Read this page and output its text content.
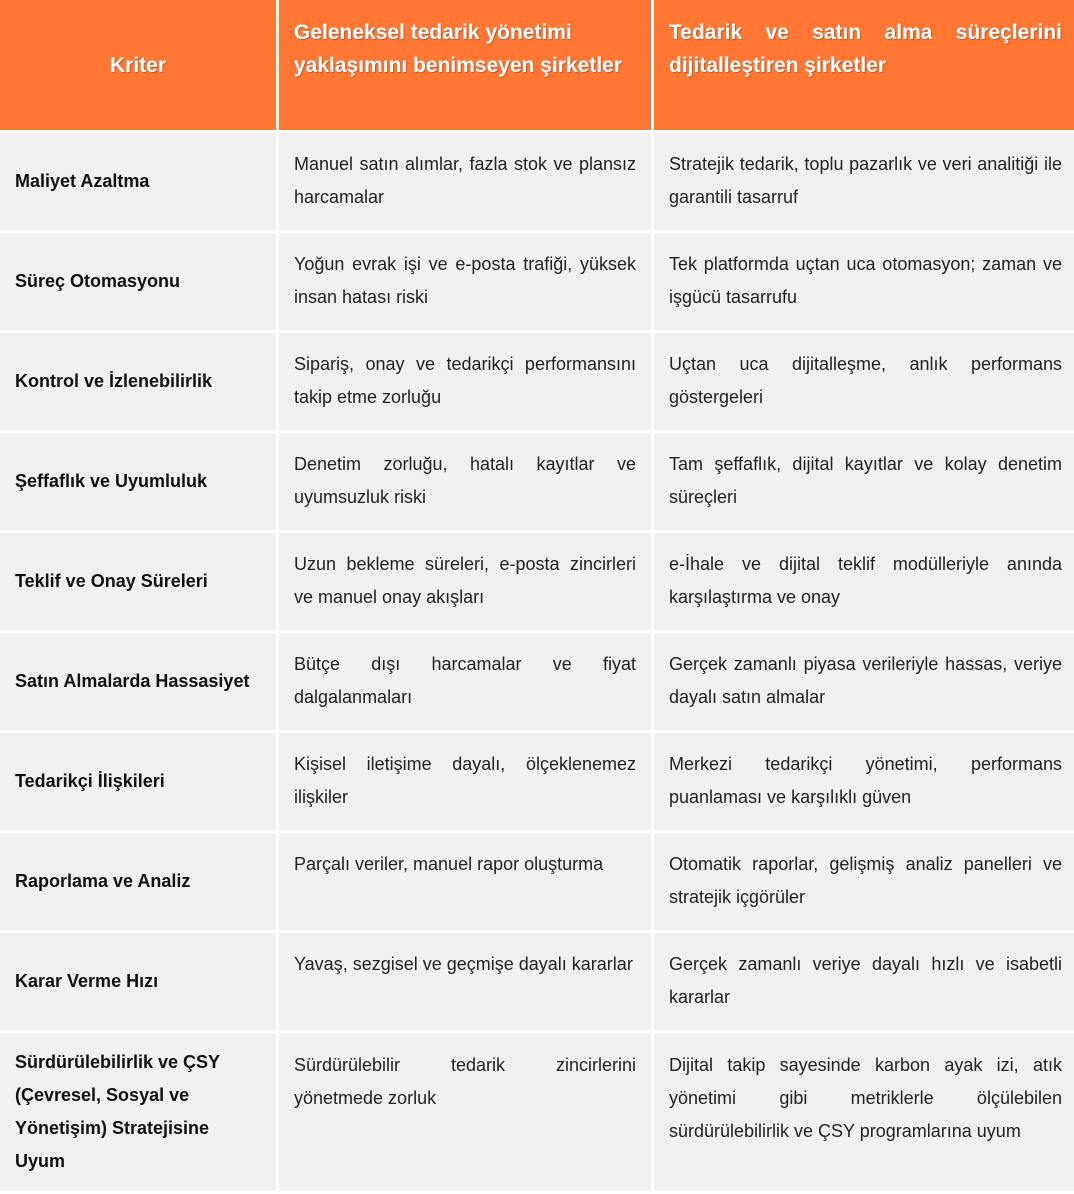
Kriter	Geleneksel tedarik yönetimi yaklaşımını benimseyen şirketler	Tedarik ve satın alma süreçlerini dijitalleştiren şirketler
Maliyet Azaltma	Manuel satın alımlar, fazla stok ve plansız harcamalar	Stratejik tedarik, toplu pazarlık ve veri analitiği ile garantili tasarruf
Süreç Otomasyonu	Yoğun evrak işi ve e-posta trafiği, yüksek insan hatası riski	Tek platformda uçtan uca otomasyon; zaman ve işgücü tasarrufu
Kontrol ve İzlenebilirlik	Sipariş, onay ve tedarikçi performansını takip etme zorluğu	Uçtan uca dijitalleşme, anlık performans göstergeleri
Şeffaflık ve Uyumluluk	Denetim zorluğu, hatalı kayıtlar ve uyumsuzluk riski	Tam şeffaflık, dijital kayıtlar ve kolay denetim süreçleri
Teklif ve Onay Süreleri	Uzun bekleme süreleri, e-posta zincirleri ve manuel onay akışları	e-İhale ve dijital teklif modülleriyle anında karşılaştırma ve onay
Satın Almalarda Hassasiyet	Bütçe dışı harcamalar ve fiyat dalgalanmaları	Gerçek zamanlı piyasa verileriyle hassas, veriye dayalı satın almalar
Tedarikçi İlişkileri	Kişisel iletişime dayalı, ölçeklenemez ilişkiler	Merkezi tedarikçi yönetimi, performans puanlaması ve karşılıklı güven
Raporlama ve Analiz	Parçalı veriler, manuel rapor oluşturma	Otomatik raporlar, gelişmiş analiz panelleri ve stratejik içgörüler
Karar Verme Hızı	Yavaş, sezgisel ve geçmişe dayalı kararlar	Gerçek zamanlı veriye dayalı hızlı ve isabetli kararlar
Sürdürülebilirlik ve ÇSY (Çevresel, Sosyal ve Yönetişim) Stratejisine Uyum	Sürdürülebilir tedarik zincirlerini yönetmede zorluk	Dijital takip sayesinde karbon ayak izi, atık yönetimi gibi metriklerle ölçülebilen sürdürülebilirlik ve ÇSY programlarına uyum
